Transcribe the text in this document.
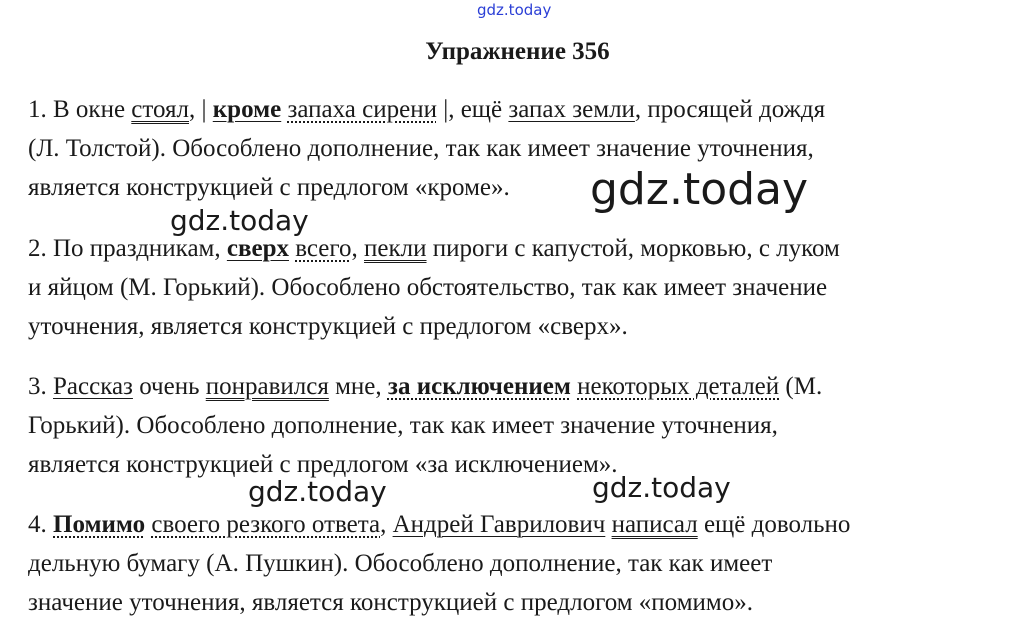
gdz.today
Упражнение 356

1. В окне стоял, | кроме запаха сирени |, ещё запах земли, просящей дождя
(Л. Толстой). Обособлено дополнение, так как имеет значение уточнения,
является конструкцией с предлогом «кроме».

2. По праздникам, сверх всего, пекли пироги с капустой, морковью, с луком
и яйцом (М. Горький). Обособлено обстоятельство, так как имеет значение
уточнения, является конструкцией с предлогом «сверх».

3. Рассказ очень понравился мне, за исключением некоторых деталей (М.
Горький). Обособлено дополнение, так как имеет значение уточнения,
является конструкцией с предлогом «за исключением».

4. Помимо своего резкого ответа, Андрей Гаврилович написал ещё довольно
дельную бумагу (А. Пушкин). Обособлено дополнение, так как имеет
значение уточнения, является конструкцией с предлогом «помимо».

gdz.today
gdz.today
gdz.today	gdz.today
